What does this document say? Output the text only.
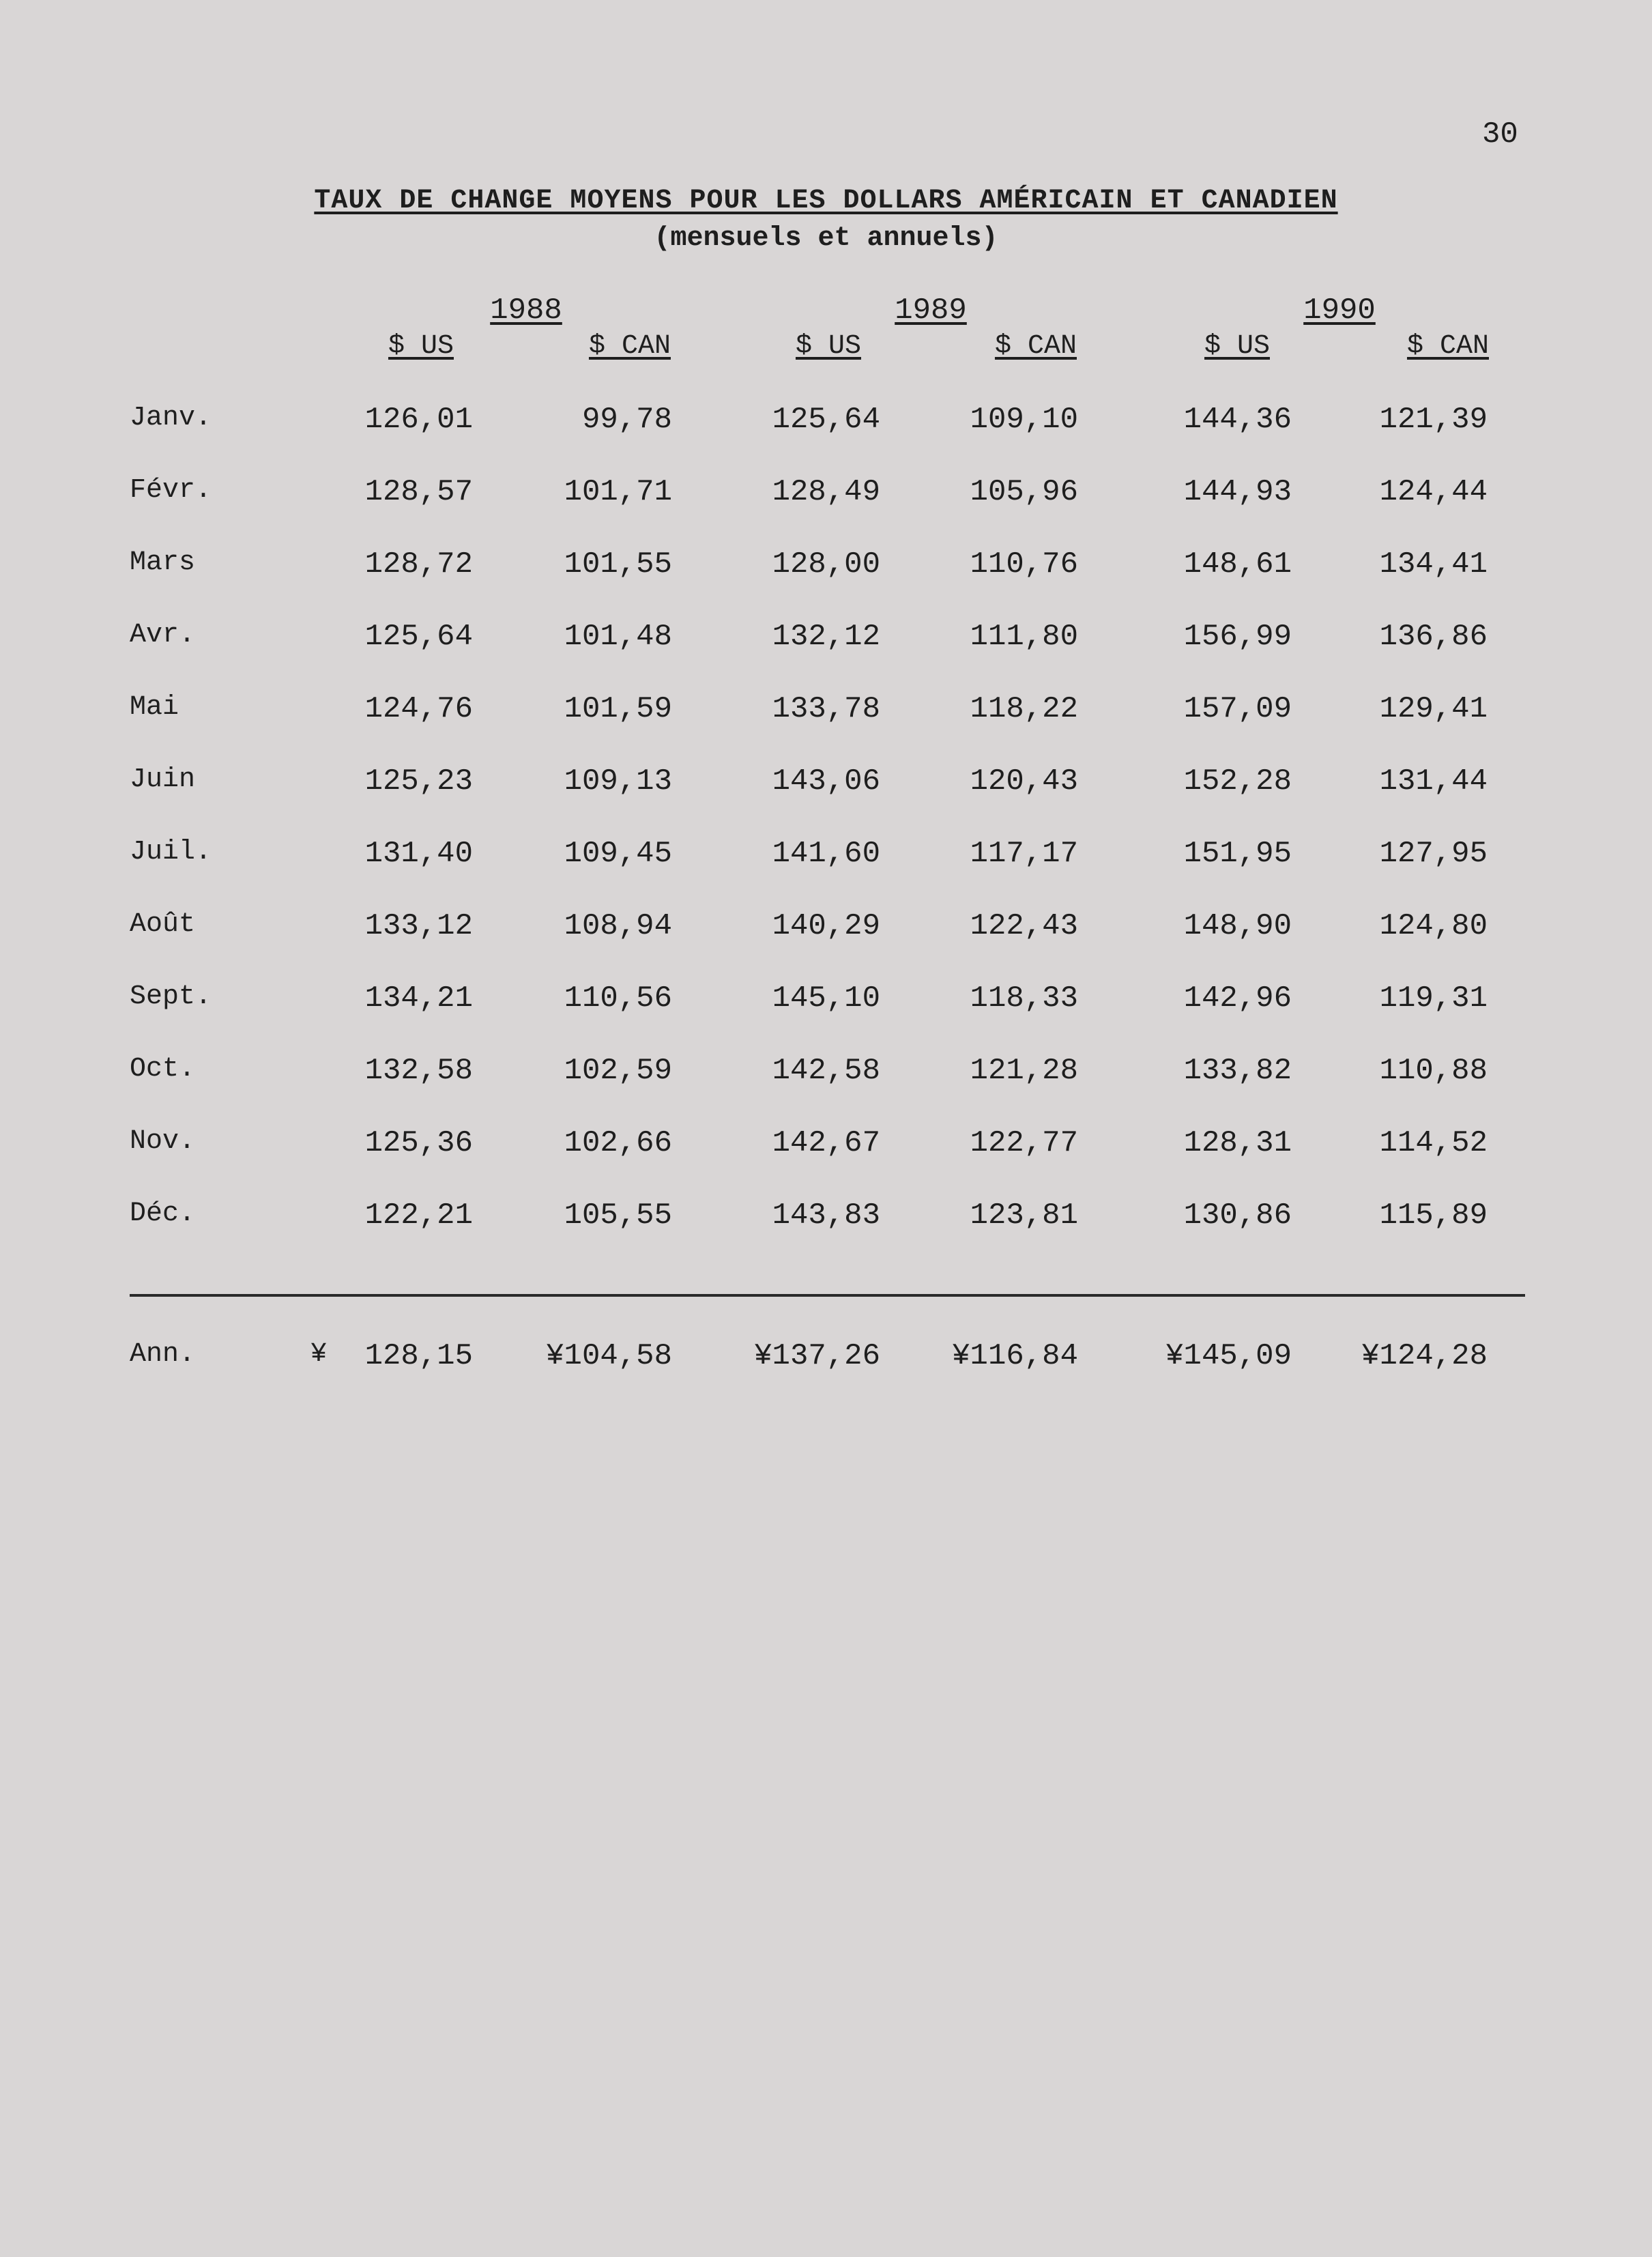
30
TAUX DE CHANGE MOYENS POUR LES DOLLARS AMÉRICAIN ET CANADIEN
(mensuels et annuels)
1988	1989	1990
$ US	$ CAN	$ US	$ CAN	$ US	$ CAN
Janv.	126,01	99,78	125,64	109,10	144,36	121,39
Févr.	128,57	101,71	128,49	105,96	144,93	124,44
Mars	128,72	101,55	128,00	110,76	148,61	134,41
Avr.	125,64	101,48	132,12	111,80	156,99	136,86
Mai	124,76	101,59	133,78	118,22	157,09	129,41
Juin	125,23	109,13	143,06	120,43	152,28	131,44
Juil.	131,40	109,45	141,60	117,17	151,95	127,95
Août	133,12	108,94	140,29	122,43	148,90	124,80
Sept.	134,21	110,56	145,10	118,33	142,96	119,31
Oct.	132,58	102,59	142,58	121,28	133,82	110,88
Nov.	125,36	102,66	142,67	122,77	128,31	114,52
Déc.	122,21	105,55	143,83	123,81	130,86	115,89
Ann.	¥ 128,15 ¥104,58	¥137,26 ¥116,84	¥145,09 ¥124,28
